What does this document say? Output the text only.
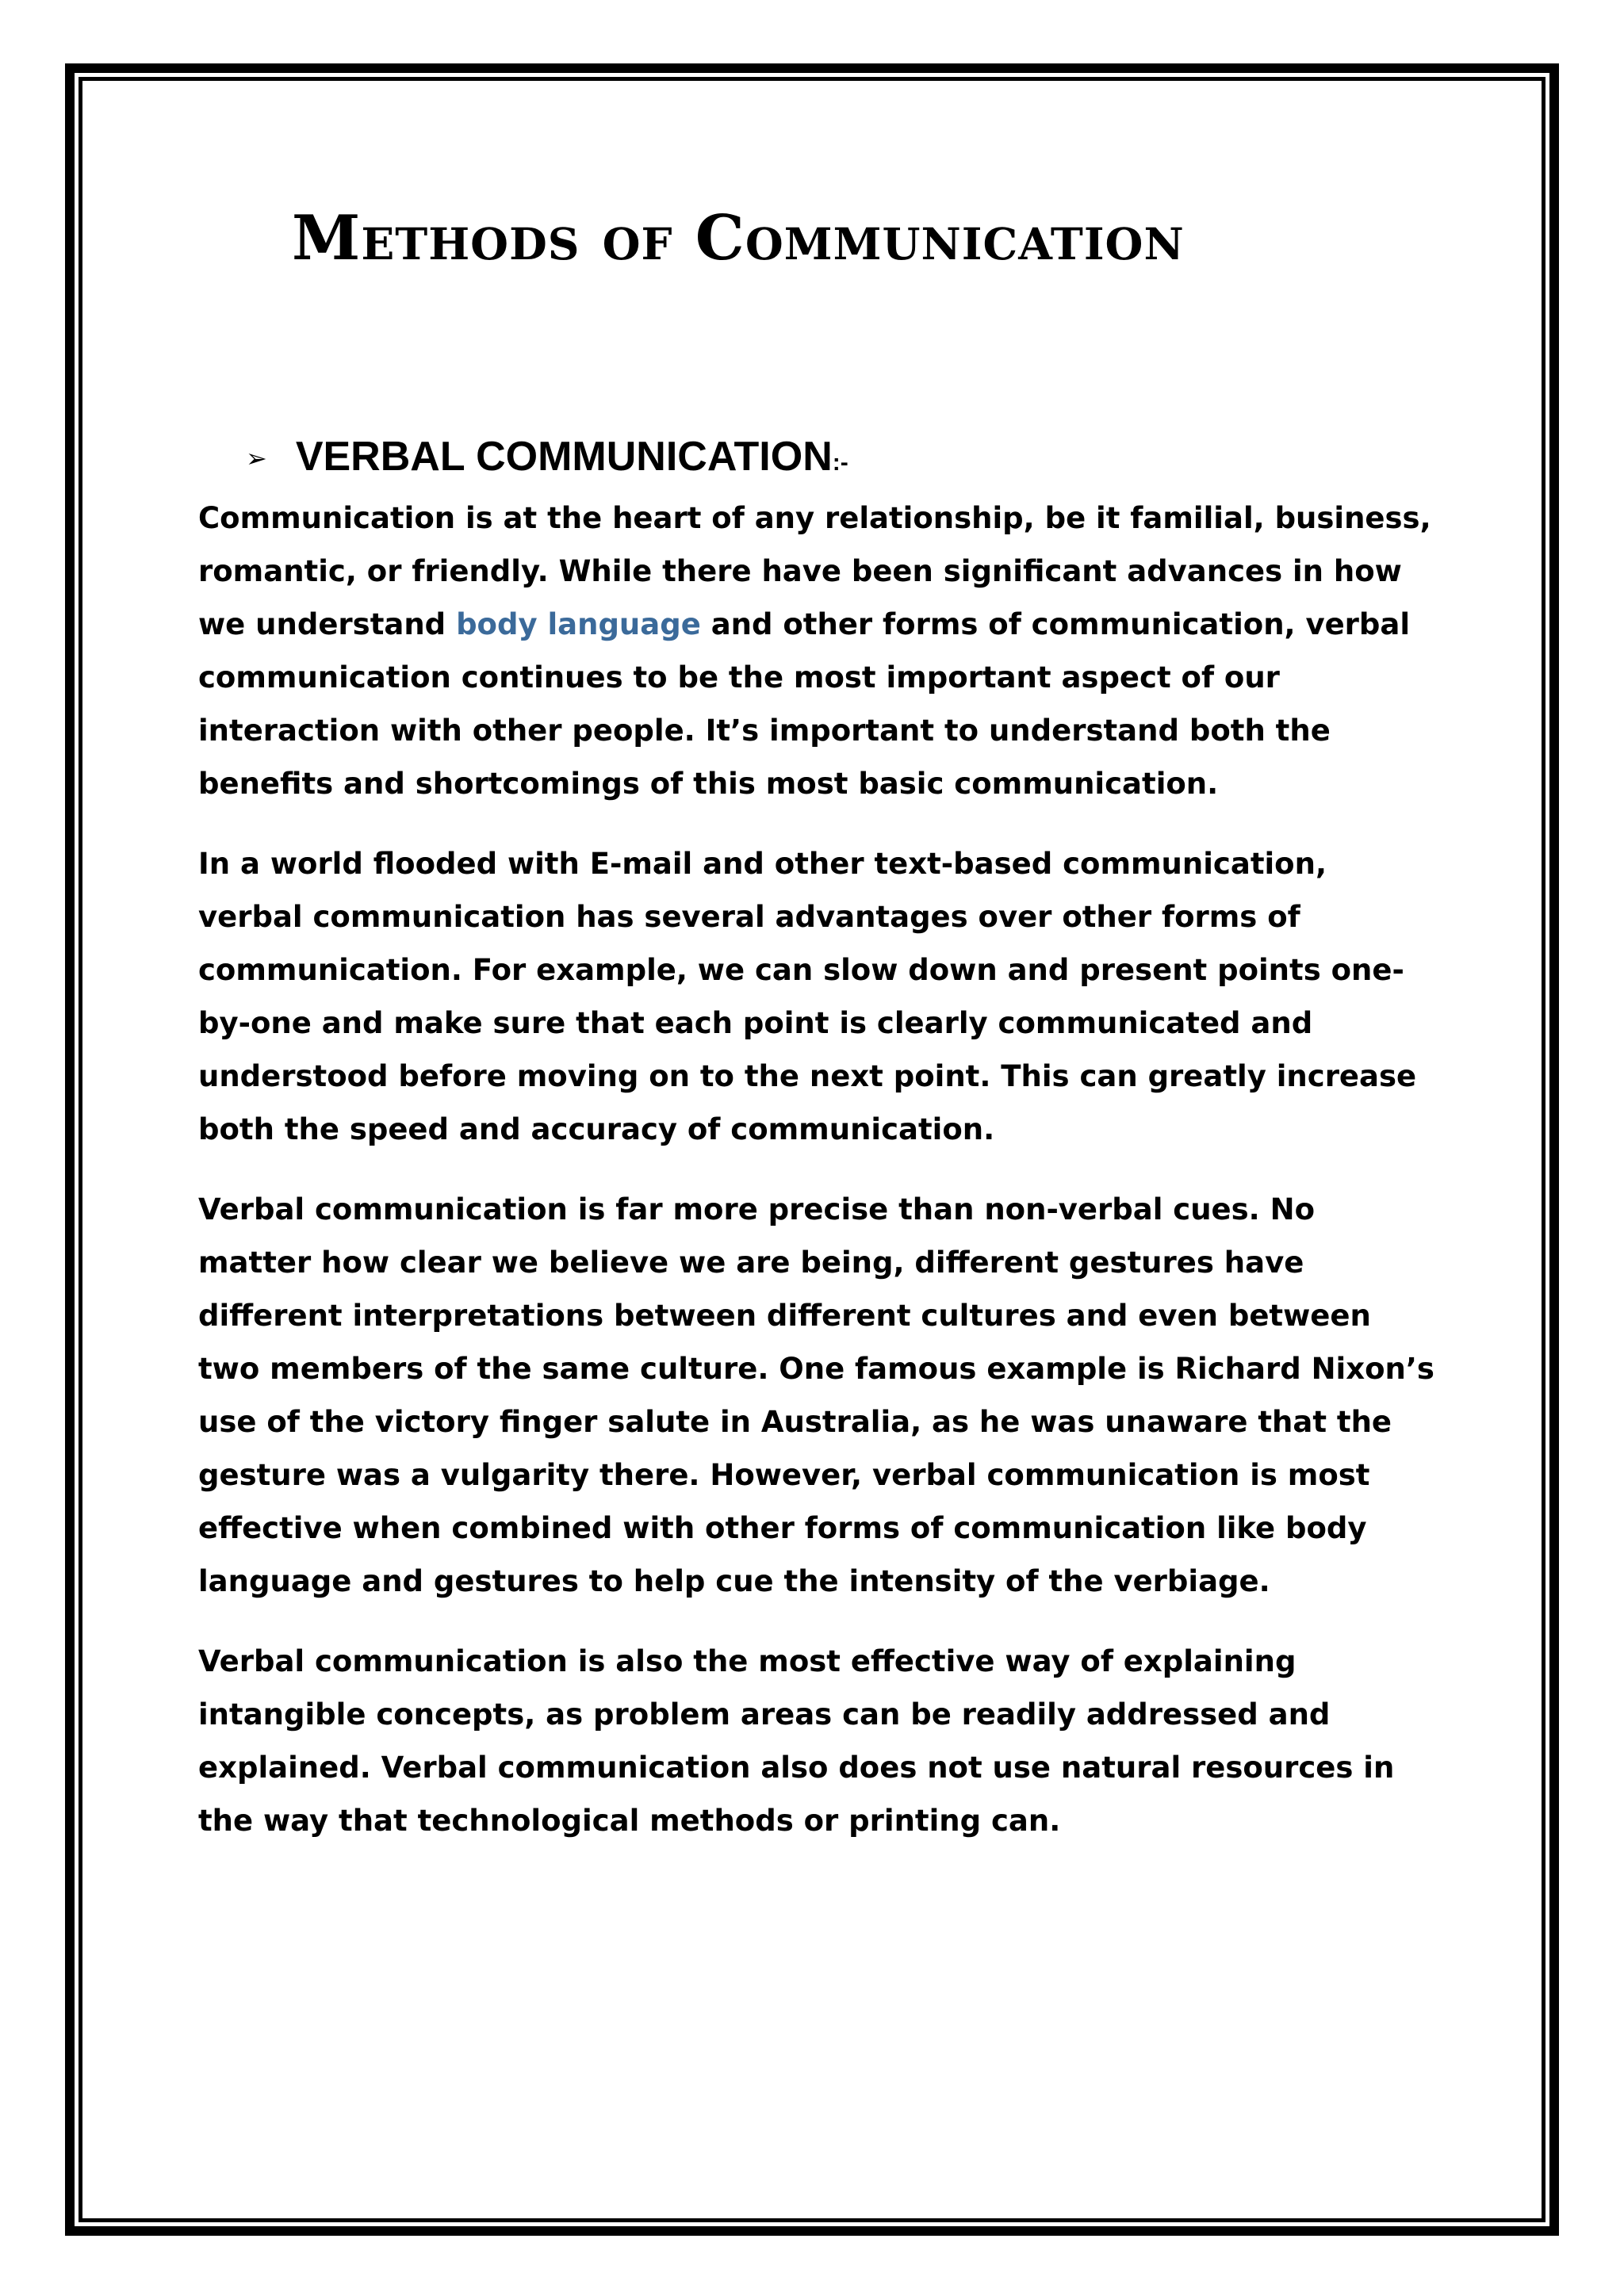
Methods of Communication
➢ VERBAL COMMUNICATION :-

Communication is at the heart of any relationship, be it familial, business, romantic, or friendly. While there have been significant advances in how we understand body language and other forms of communication, verbal communication continues to be the most important aspect of our interaction with other people. It’s important to understand both the benefits and shortcomings of this most basic communication.

In a world flooded with E-mail and other text-based communication, verbal communication has several advantages over other forms of communication. For example, we can slow down and present points one-by-one and make sure that each point is clearly communicated and understood before moving on to the next point. This can greatly increase both the speed and accuracy of communication.

Verbal communication is far more precise than non-verbal cues. No matter how clear we believe we are being, different gestures have different interpretations between different cultures and even between two members of the same culture. One famous example is Richard Nixon’s use of the victory finger salute in Australia, as he was unaware that the gesture was a vulgarity there. However, verbal communication is most effective when combined with other forms of communication like body language and gestures to help cue the intensity of the verbiage.

Verbal communication is also the most effective way of explaining intangible concepts, as problem areas can be readily addressed and explained. Verbal communication also does not use natural resources in the way that technological methods or printing can.
